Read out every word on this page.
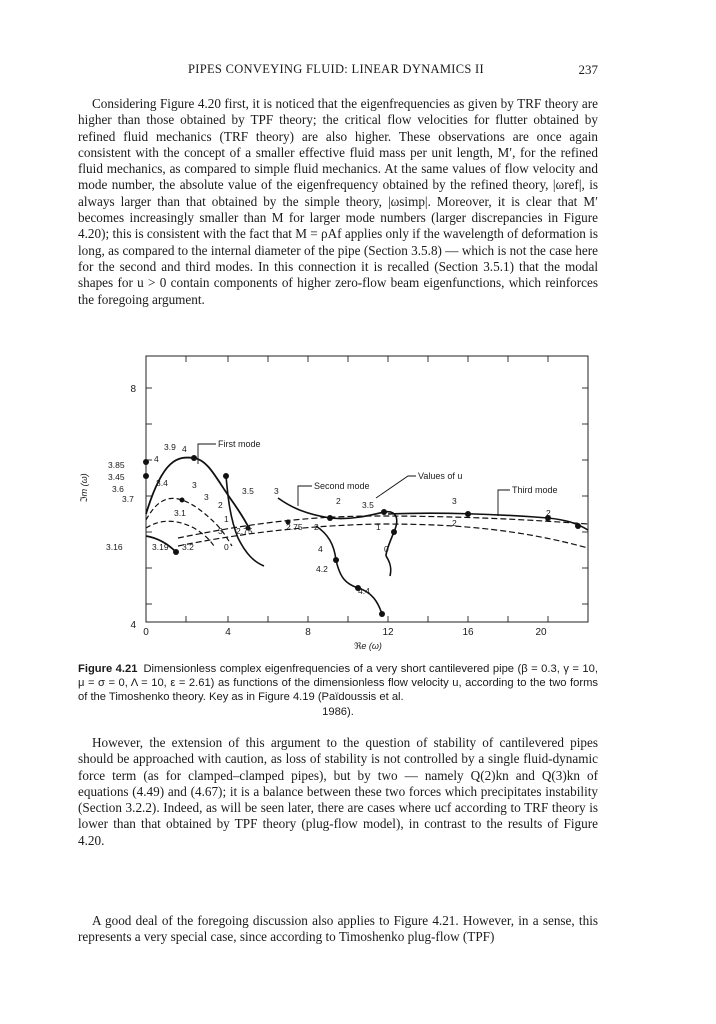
PIPES CONVEYING FLUID: LINEAR DYNAMICS II	237

Considering Figure 4.20 first, it is noticed that the eigenfrequencies as given by TRF theory are higher than those obtained by TPF theory; the critical flow velocities for flutter obtained by refined fluid mechanics (TRF theory) are also higher. These observations are once again consistent with the concept of a smaller effective fluid mass per unit length, M′, for the refined fluid mechanics, as compared to simple fluid mechanics. At the same values of flow velocity and mode number, the absolute value of the eigenfrequency obtained by the refined theory, |ωref|, is always larger than that obtained by the simple theory, |ωsimp|. Moreover, it is clear that M′ becomes increasingly smaller than M for larger mode numbers (larger discrepancies in Figure 4.20); this is consistent with the fact that M = ρAf applies only if the wavelength of deformation is long, as compared to the internal diameter of the pipe (Section 3.5.8) — which is not the case here for the second and third modes. In this connection it is recalled (Section 3.5.1) that the modal shapes for u > 0 contain components of higher zero-flow beam eigenfunctions, which reinforces the foregoing argument.

8
4
0	4	8	12	16	20
ℜe (ω)
ℑm (ω)
First mode
Second mode
Values of u
Third mode
3.85
3.45
3.6
3.7
3.16
3.9 4
3.4	3
3.1
2
3
3.19 3.2	0
3 2.75
1
3.5 3
2.75 2
2	3.5
1
0
4
4.2
4.4
3
2
2
4
Figure 4.21 Dimensionless complex eigenfrequencies of a very short cantilevered pipe (β = 0.3, γ = 10, μ = σ = 0, Λ = 10, ε = 2.61) as functions of the dimensionless flow velocity u, according to the two forms of the Timoshenko theory. Key as in Figure 4.19 (Païdoussis et al.
1986).

However, the extension of this argument to the question of stability of cantilevered pipes should be approached with caution, as loss of stability is not controlled by a single fluid-dynamic force term (as for clamped–clamped pipes), but by two — namely Q(2)kn and Q(3)kn of equations (4.49) and (4.67); it is a balance between these two forces which precipitates instability (Section 3.2.2). Indeed, as will be seen later, there are cases where ucf according to TRF theory is lower than that obtained by TPF theory (plug-flow model), in contrast to the results of Figure 4.20.

A good deal of the foregoing discussion also applies to Figure 4.21. However, in a sense, this represents a very special case, since according to Timoshenko plug-flow (TPF)
